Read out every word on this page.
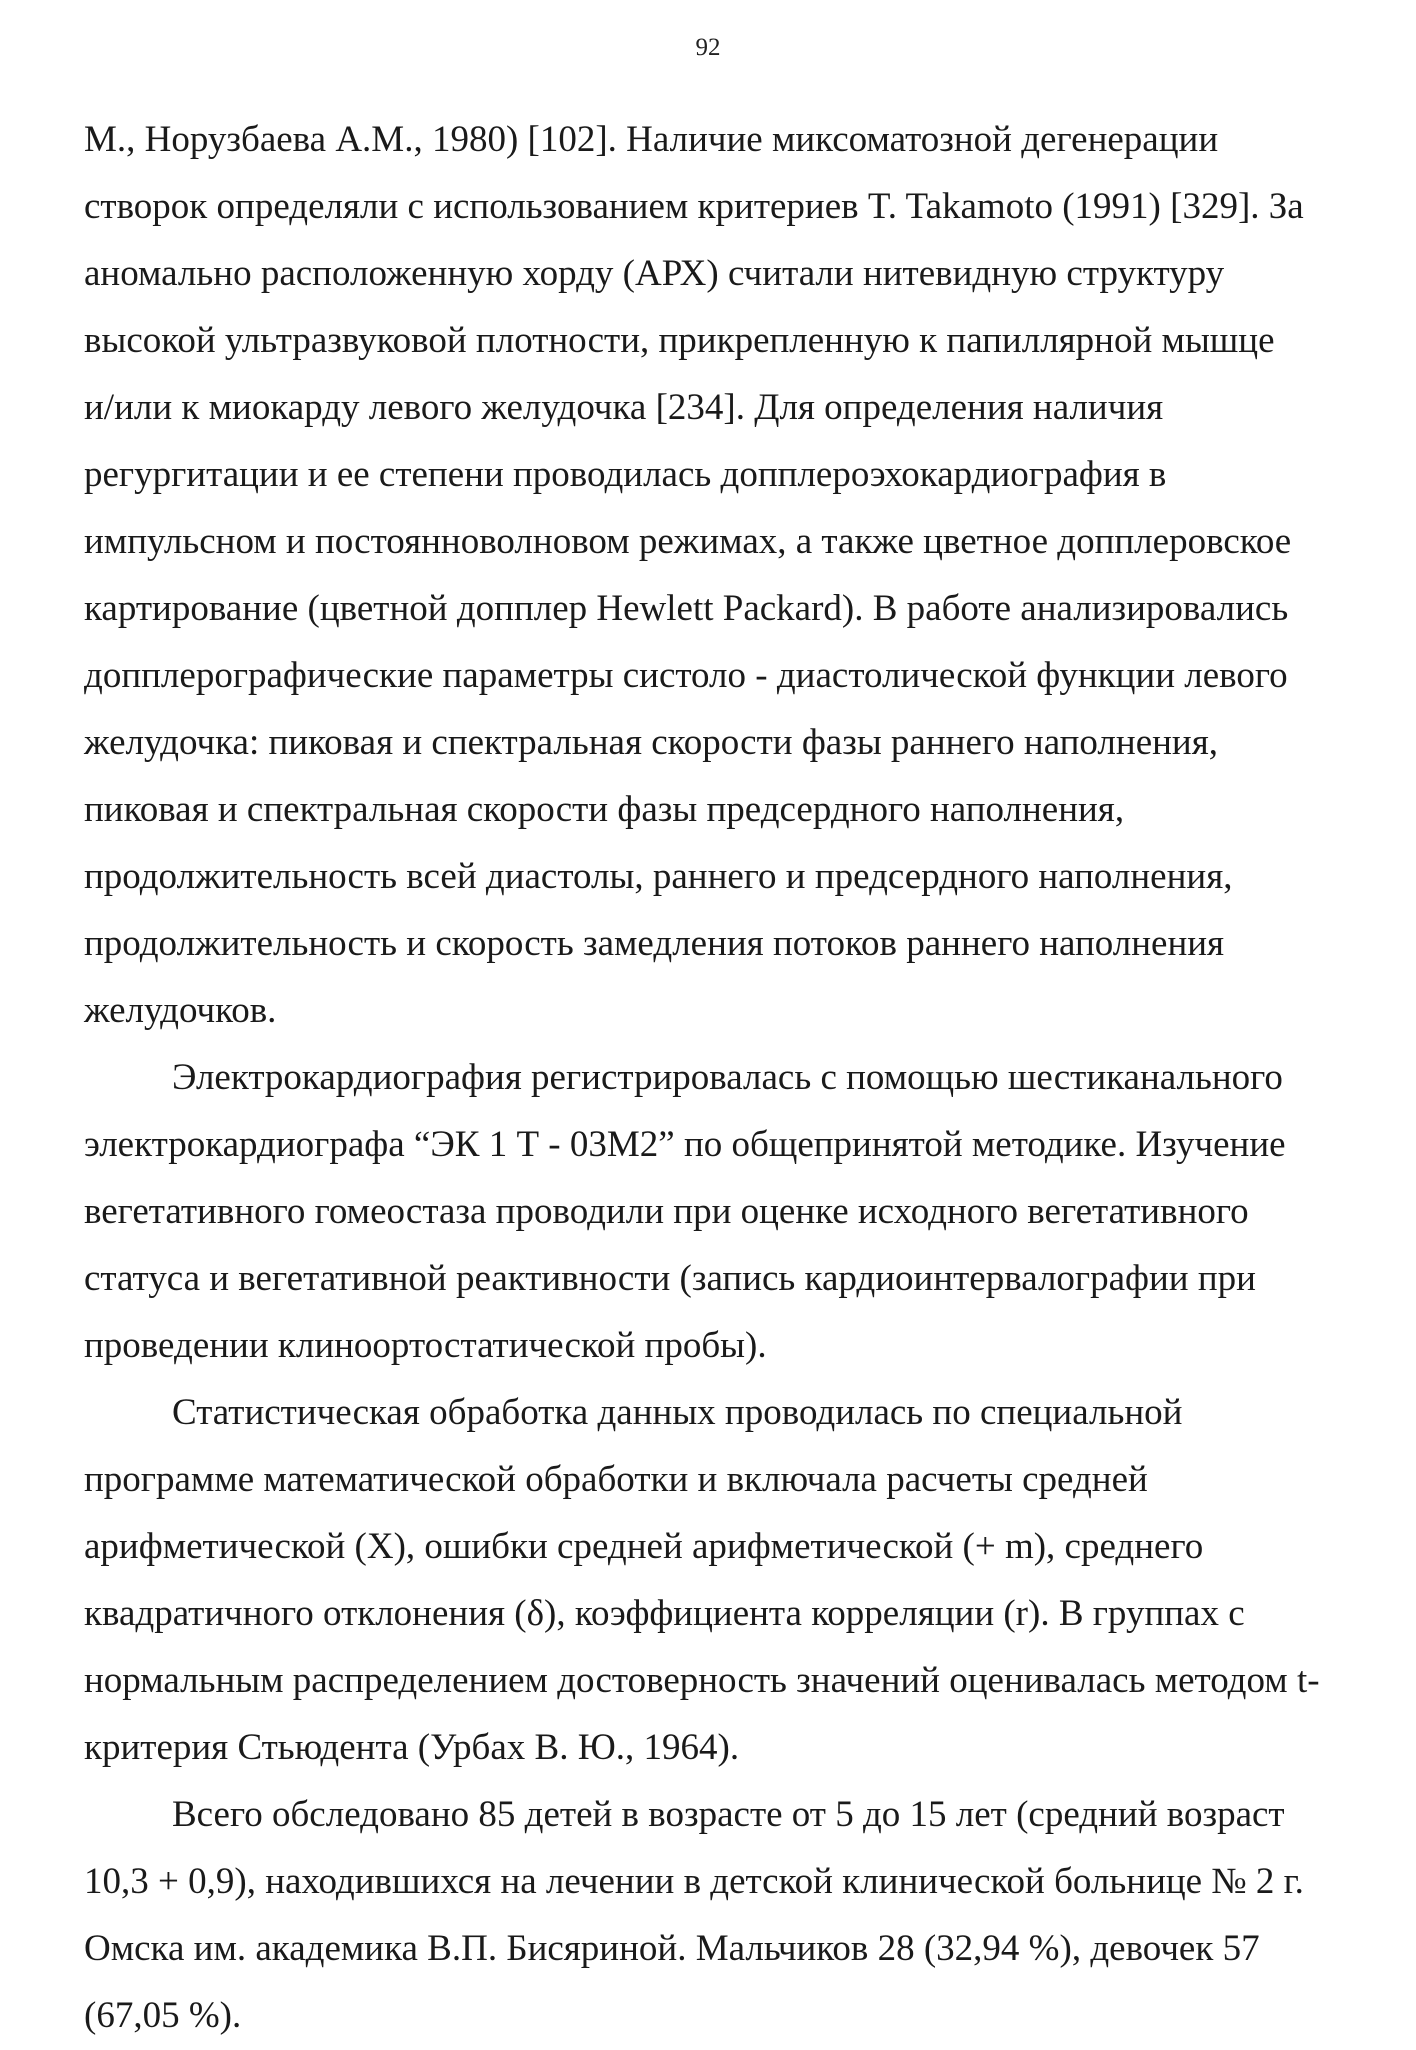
92
М., Норузбаева А.М., 1980) [102]. Наличие миксоматозной дегенерации
створок определяли с использованием критериев T. Takamoto (1991) [329]. За
аномально расположенную хорду (АРХ) считали нитевидную структуру
высокой ультразвуковой плотности, прикрепленную к папиллярной мышце
и/или к миокарду левого желудочка [234]. Для определения наличия
регургитации и ее степени проводилась допплероэхокардиография в
импульсном и постоянноволновом режимах, а также цветное допплеровское
картирование (цветной допплер Hewlett Packard). В работе анализировались
допплерографические параметры систоло - диастолической функции левого
желудочка: пиковая и спектральная скорости фазы раннего наполнения,
пиковая и спектральная скорости фазы предсердного наполнения,
продолжительность всей диастолы, раннего и предсердного наполнения,
продолжительность и скорость замедления потоков раннего наполнения
желудочков.
Электрокардиография регистрировалась с помощью шестиканального
электрокардиографа “ЭК 1 Т - 03М2” по общепринятой методике. Изучение
вегетативного гомеостаза проводили при оценке исходного вегетативного
статуса и вегетативной реактивности (запись кардиоинтервалографии при
проведении клиноортостатической пробы).
Статистическая обработка данных проводилась по специальной
программе математической обработки и включала расчеты средней
арифметической (X), ошибки средней арифметической (+ m), среднего
квадратичного отклонения (δ), коэффициента корреляции (r). В группах с
нормальным распределением достоверность значений оценивалась методом t-
критерия Стьюдента (Урбах В. Ю., 1964).
Всего обследовано 85 детей в возрасте от 5 до 15 лет (средний возраст
10,3 + 0,9), находившихся на лечении в детской клинической больнице № 2 г.
Омска им. академика В.П. Бисяриной. Мальчиков 28 (32,94 %), девочек 57
(67,05 %).
